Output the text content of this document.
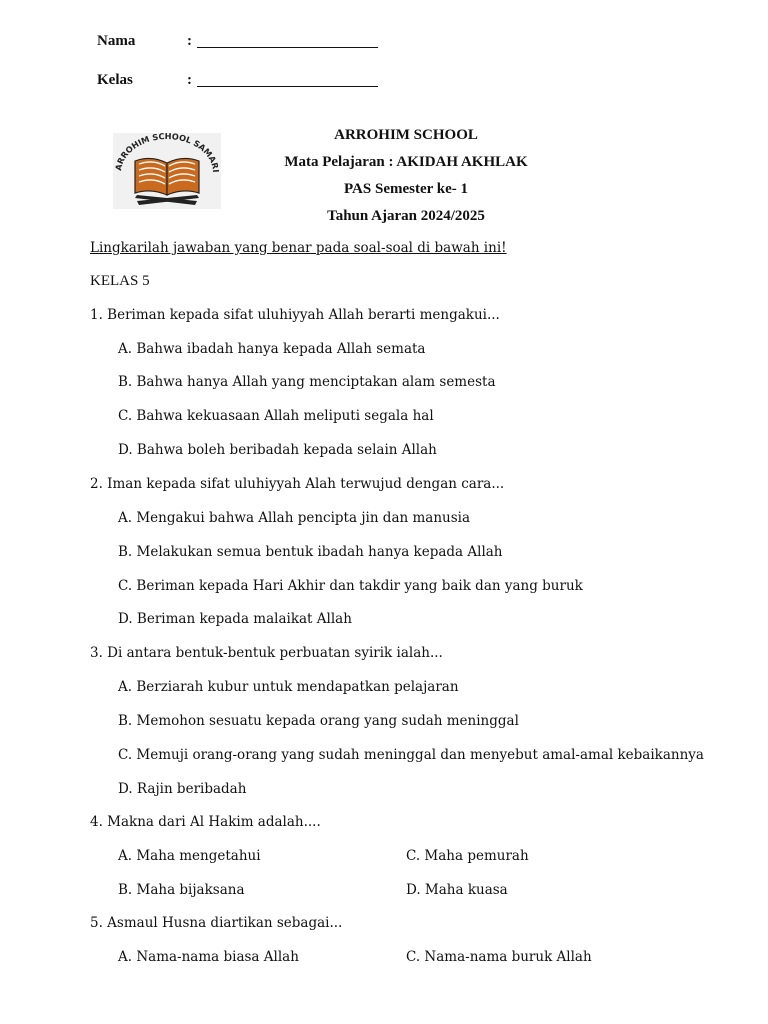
Nama	:
Kelas	:
ARROHIM SCHOOL SAMARI
ARROHIM SCHOOL
Mata Pelajaran : AKIDAH AKHLAK
PAS Semester ke- 1
Tahun Ajaran 2024/2025
Lingkarilah jawaban yang benar pada soal-soal di bawah ini!
KELAS 5
1. Beriman kepada sifat uluhiyyah Allah berarti mengakui...
A. Bahwa ibadah hanya kepada Allah semata
B. Bahwa hanya Allah yang menciptakan alam semesta
C. Bahwa kekuasaan Allah meliputi segala hal
D. Bahwa boleh beribadah kepada selain Allah
2. Iman kepada sifat uluhiyyah Alah terwujud dengan cara...
A. Mengakui bahwa Allah pencipta jin dan manusia
B. Melakukan semua bentuk ibadah hanya kepada Allah
C. Beriman kepada Hari Akhir dan takdir yang baik dan yang buruk
D. Beriman kepada malaikat Allah
3. Di antara bentuk-bentuk perbuatan syirik ialah...
A. Berziarah kubur untuk mendapatkan pelajaran
B. Memohon sesuatu kepada orang yang sudah meninggal
C. Memuji orang-orang yang sudah meninggal dan menyebut amal-amal kebaikannya
D. Rajin beribadah
4. Makna dari Al Hakim adalah....
A. Maha mengetahui	C. Maha pemurah
B. Maha bijaksana	D. Maha kuasa
5. Asmaul Husna diartikan sebagai...
A. Nama-nama biasa Allah	C. Nama-nama buruk Allah
